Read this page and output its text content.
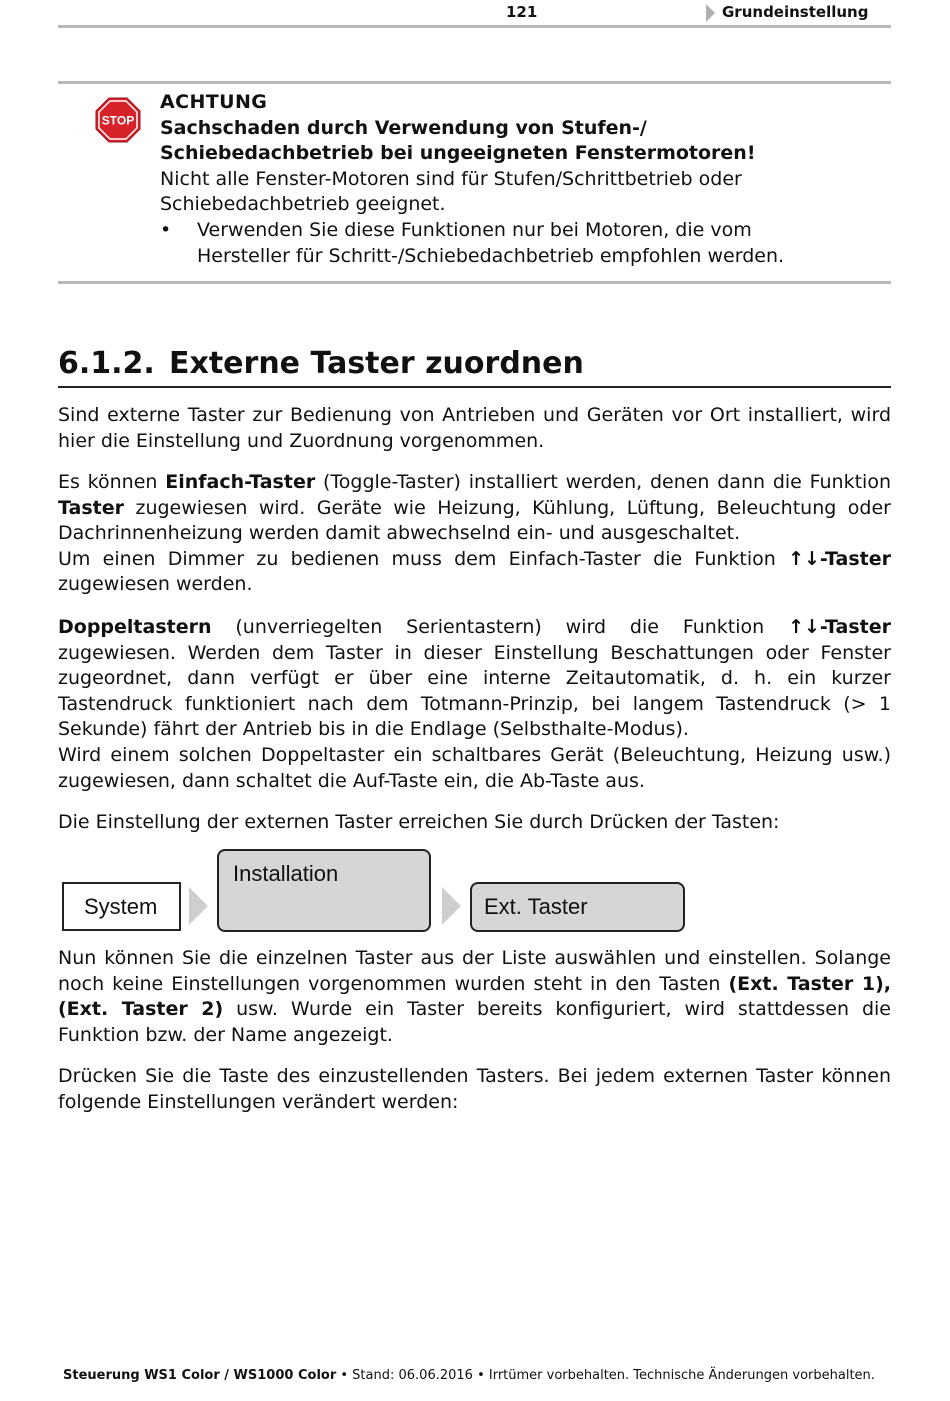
121	Grundeinstellung
STOP
ACHTUNG
Sachschaden durch Verwendung von Stufen-/
Schiebedachbetrieb bei ungeeigneten Fenstermotoren!
Nicht alle Fenster-Motoren sind für Stufen/Schrittbetrieb oder
Schiebedachbetrieb geeignet.
• Verwenden Sie diese Funktionen nur bei Motoren, die vom
Hersteller für Schritt-/Schiebedachbetrieb empfohlen werden.
6.1.2. Externe Taster zuordnen

Sind externe Taster zur Bedienung von Antrieben und Geräten vor Ort installiert, wird hier die Einstellung und Zuordnung vorgenommen.

Es können Einfach-Taster (Toggle-Taster) installiert werden, denen dann die Funktion Taster zugewiesen wird. Geräte wie Heizung, Kühlung, Lüftung, Beleuchtung oder Dachrinnenheizung werden damit abwechselnd ein- und ausgeschaltet.
Um einen Dimmer zu bedienen muss dem Einfach-Taster die Funktion ↑↓-Taster zugewiesen werden.

Doppeltastern (unverriegelten Serientastern) wird die Funktion ↑↓-Taster zugewiesen. Werden dem Taster in dieser Einstellung Beschattungen oder Fenster zugeordnet, dann verfügt er über eine interne Zeitautomatik, d. h. ein kurzer Tastendruck funktioniert nach dem Totmann-Prinzip, bei langem Tastendruck (> 1 Sekunde) fährt der Antrieb bis in die Endlage (Selbsthalte-Modus).
Wird einem solchen Doppeltaster ein schaltbares Gerät (Beleuchtung, Heizung usw.) zugewiesen, dann schaltet die Auf-Taste ein, die Ab-Taste aus.

Die Einstellung der externen Taster erreichen Sie durch Drücken der Tasten:

System
Installation
Ext. Taster

Nun können Sie die einzelnen Taster aus der Liste auswählen und einstellen. Solange noch keine Einstellungen vorgenommen wurden steht in den Tasten (Ext. Taster 1), (Ext. Taster 2) usw. Wurde ein Taster bereits konfiguriert, wird stattdessen die Funktion bzw. der Name angezeigt.

Drücken Sie die Taste des einzustellenden Tasters. Bei jedem externen Taster können folgende Einstellungen verändert werden:

Steuerung WS1 Color / WS1000 Color • Stand: 06.06.2016 • Irrtümer vorbehalten. Technische Änderungen vorbehalten.
